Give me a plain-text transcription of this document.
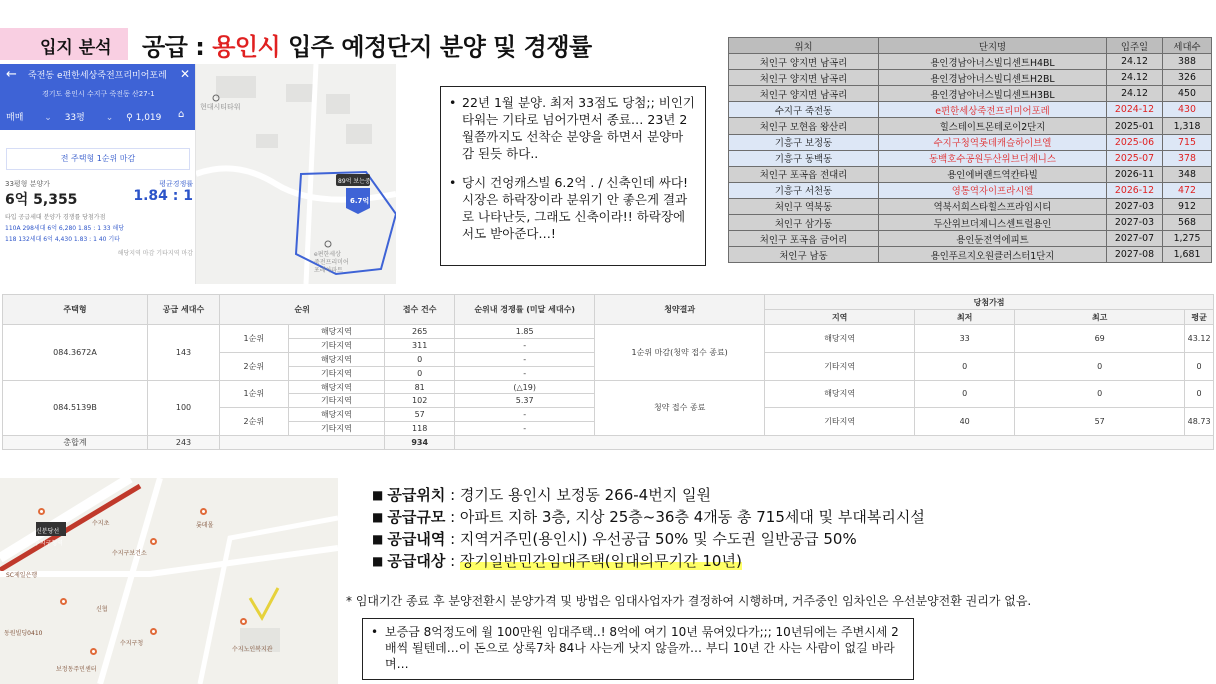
입지 분석 공급 : 용인시 입주 예정단지 분양 및 경쟁률
← 죽전동 e편한세상죽전프리미어포레 ✕
경기도 용인시 수지구 죽전동 산27-1
매매 ⌄ 33평 ⌄ ⚲ 1,019 ⌂
전 주택형 1순위 마감
33평형 분양가
6억 5,355
평균경쟁률
1.84 : 1
타입 공급세대 분양가 경쟁률 당첨가점
110A 298세대 6억 6,280 1.85 : 1 33 해당
118 132세대 6억 4,430 1.83 : 1 40 기타
해당지역 마감 기타지역 마감
현대시티타워
89억 보는중
6.7억
e편한세상
죽전프리미어
포레아파트
• 22년 1월 분양. 최저 33점도 당첨;; 비인기 타워는 기타로 넘어가면서 종료… 23년 2월쯤까지도 선착순 분양을 하면서 분양마감 된듯 하다..
• 당시 건엉캐스빌 6.2억 . / 신축인데 싸다! 시장은 하락장이라 분위기 안 좋은게 결과로 나타난듯, 그래도 신축이라!! 하락장에서도 받아준다…!
위치	단지명	입주일	세대수
처인구 양지면 남곡리	용인경남아너스빌디센트H4BL	24.12	388
처인구 양지면 남곡리	용인경남아너스빌디센트H2BL	24.12	326
처인구 양지면 남곡리	용인경남아너스빌디센트H3BL	24.12	450
수지구 죽전동	e편한세상죽전프리미어포레	2024-12	430
처인구 모현읍 왕산리	힐스테이트몬테로이2단지	2025-01	1,318
기흥구 보정동	수지구청역롯데캐슬하이브엘	2025-06	715
기흥구 동백동	동백호수공원두산위브더제니스	2025-07	378
처인구 포곡읍 전대리	용인에버랜드역칸타빌	2026-11	348
기흥구 서천동	영통역자이프라시엘	2026-12	472
처인구 역북동	역북서희스타힐스프라임시티	2027-03	912
처인구 삼가동	두산위브더제니스센트럴용인	2027-03	568
처인구 포곡읍 금어리	용인둔전역에피트	2027-07	1,275
처인구 남동	용인푸르지오원클러스터1단지	2027-08	1,681
주택형	공급 세대수	순위		접수 건수	순위내 경쟁률 (미달 세대수)	청약결과	당첨가점			
							지역	최저	최고	평균
084.3672A	143	1순위	해당지역	265	1.85	1순위 마감(청약 접수 종료)	해당지역	33	69	43.12
			기타지역	311	-					
		2순위	해당지역	0	-		기타지역	0	0	0
			기타지역	0	-					
084.5139B	100	1순위	해당지역	81	(△19)	청약 접수 종료	해당지역	0	0	0
			기타지역	102	5.37					
		2순위	해당지역	57	-		기타지역	40	57	48.73
			기타지역	118	-					
총합계	243			934						
수지구청역
신분당선
SC제일은행
동원빌딩0410
수지구청
수지구보건소
롯데몰
수지초
신협
수지노인복지관
보정동주민센터
■ 공급위치 : 경기도 용인시 보정동 266-4번지 일원
■ 공급규모 : 아파트 지하 3층, 지상 25층~36층 4개동 총 715세대 및 부대복리시설
■ 공급내역 : 지역거주민(용인시) 우선공급 50% 및 수도권 일반공급 50%
■ 공급대상 : 장기일반민간임대주택(임대의무기간 10년)
* 임대기간 종료 후 분양전환시 분양가격 및 방법은 임대사업자가 결정하여 시행하며, 거주중인 임차인은 우선분양전환 권리가 없음.
• 보증금 8억정도에 월 100만원 임대주택..! 8억에 여기 10년 묶여있다가;;; 10년뒤에는 주변시세 2배씩 될텐데…이 돈으로 상록7차 84나 사는게 낫지 않을까… 부디 10년 간 사는 사람이 없길 바라며…
